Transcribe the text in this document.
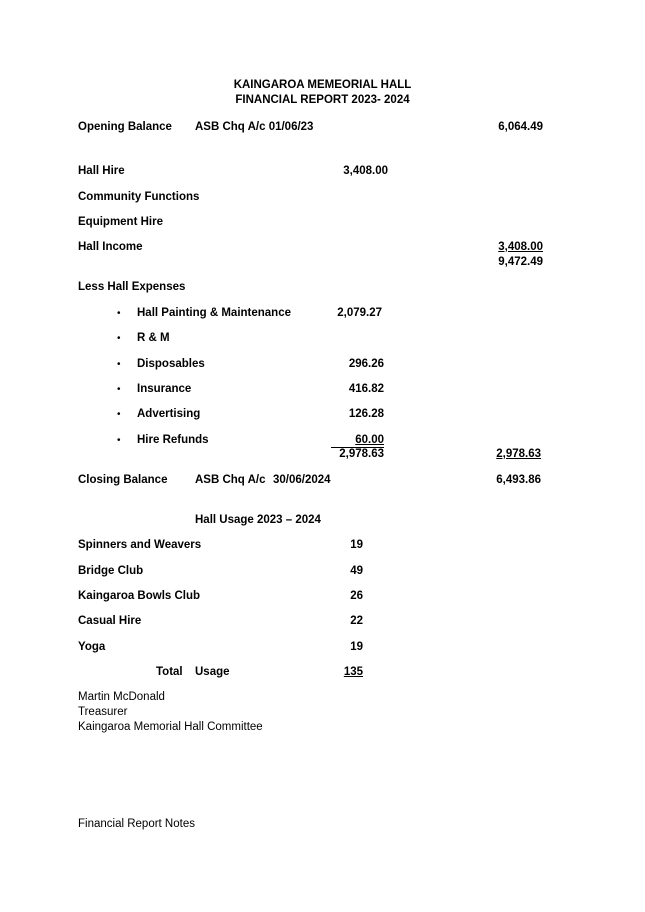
KAINGAROA MEMEORIAL HALL
FINANCIAL REPORT 2023- 2024
Opening Balance ASB Chq A/c 01/06/23	6,064.49
Hall Hire	3,408.00
Community Functions
Equipment Hire
Hall Income	3,408.00
9,472.49
Less Hall Expenses
• Hall Painting & Maintenance	2,079.27
• R & M
• Disposables	296.26
• Insurance	416.82
• Advertising	126.28
• Hire Refunds	60.00
2,978.63	2,978.63
Closing Balance ASB Chq A/c 30/06/2024	6,493.86
Hall Usage 2023 – 2024
Spinners and Weavers	19
Bridge Club	49
Kaingaroa Bowls Club	26
Casual Hire	22
Yoga	19
Total Usage	135
Martin McDonald
Treasurer
Kaingaroa Memorial Hall Committee
Financial Report Notes
